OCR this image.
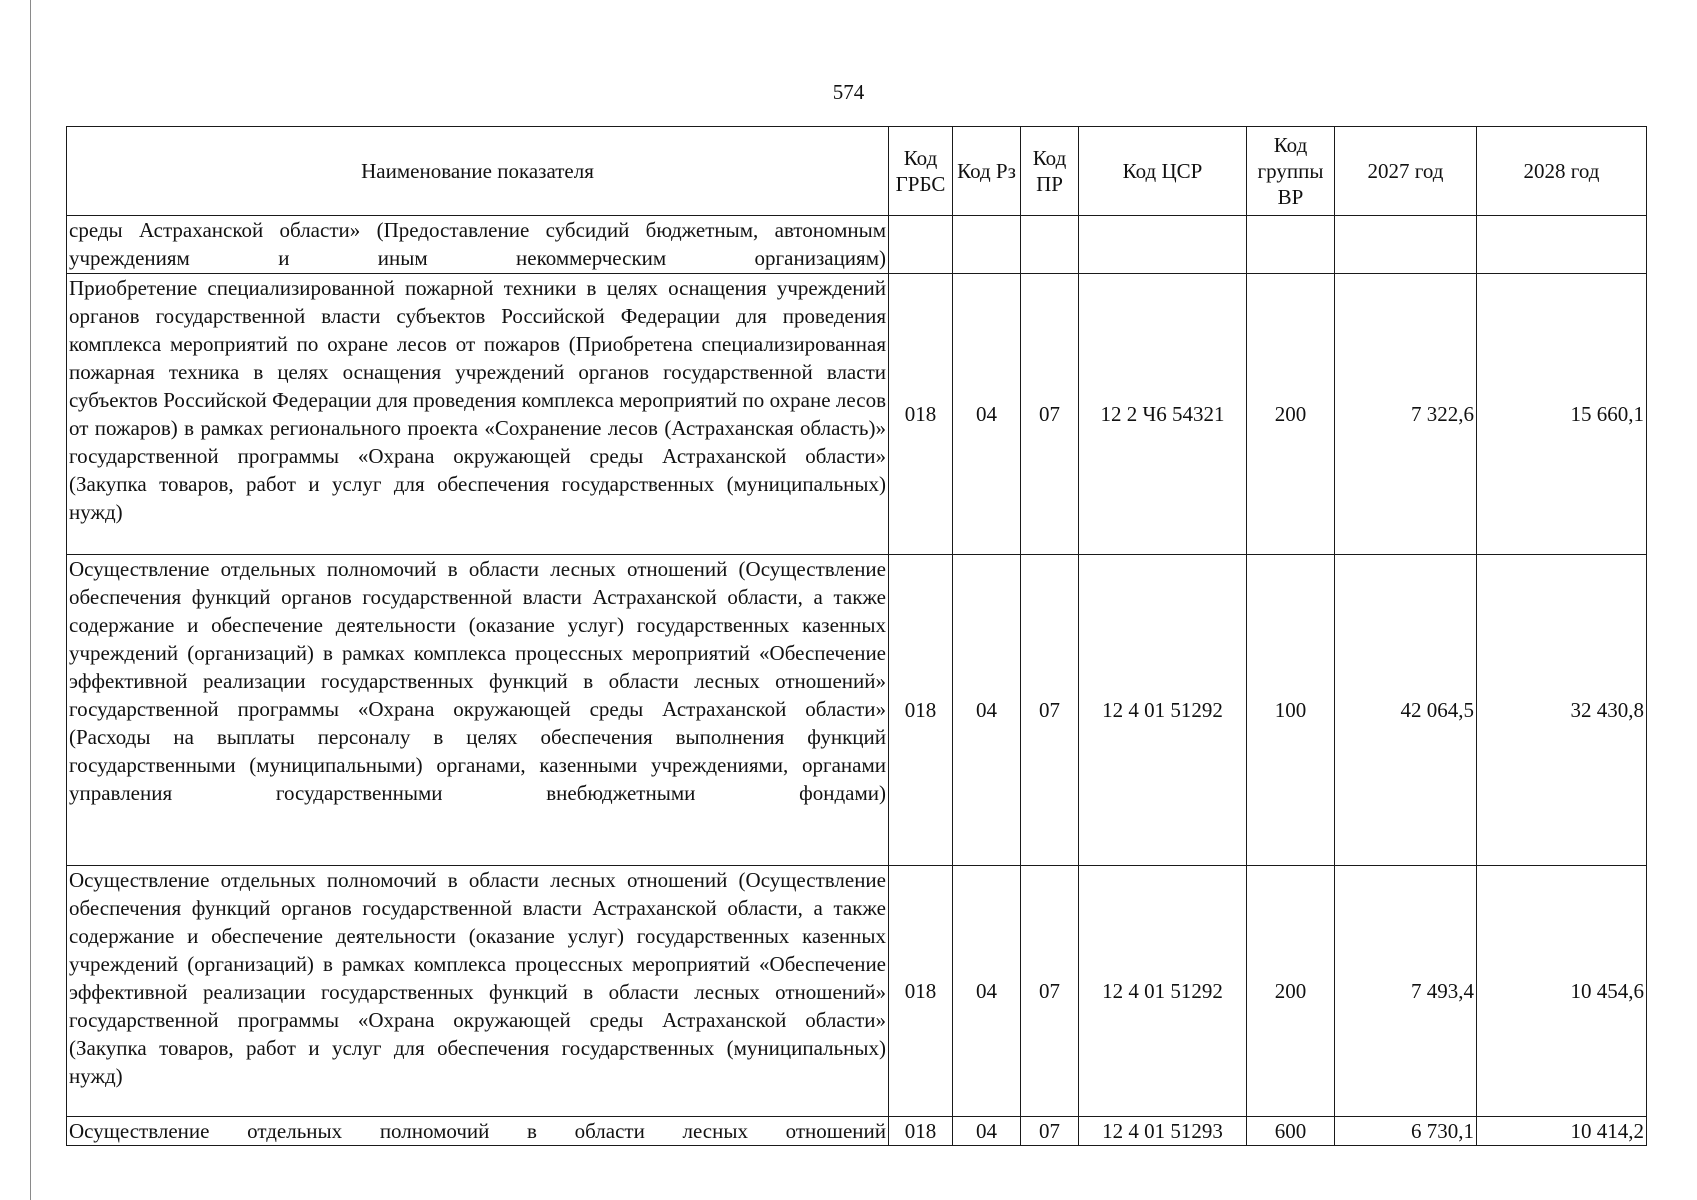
574
Наименование показателя	Код ГРБС	Код Рз	Код ПР	Код ЦСР	Код группы ВР	2027 год	2028 год
среды Астраханской области» (Предоставление субсидий бюджетным, автономным учреждениям и иным некоммерческим организациям)							
Приобретение специализированной пожарной техники в целях оснащения учреждений органов государственной власти субъектов Российской Федерации для проведения комплекса мероприятий по охране лесов от пожаров (Приобретена специализированная пожарная техника в целях оснащения учреждений органов государственной власти субъектов Российской Федерации для проведения комплекса мероприятий по охране лесов от пожаров) в рамках регионального проекта «Сохранение лесов (Астраханская область)» государственной программы «Охрана окружающей среды Астраханской области» (Закупка товаров, работ и услуг для обеспечения государственных (муниципальных) нужд)	018	04	07	12 2 Ч6 54321	200	7 322,6	15 660,1
Осуществление отдельных полномочий в области лесных отношений (Осуществление обеспечения функций органов государственной власти Астраханской области, а также содержание и обеспечение деятельности (оказание услуг) государственных казенных учреждений (организаций) в рамках комплекса процессных мероприятий «Обеспечение эффективной реализации государственных функций в области лесных отношений» государственной программы «Охрана окружающей среды Астраханской области» (Расходы на выплаты персоналу в целях обеспечения выполнения функций государственными (муниципальными) органами, казенными учреждениями, органами управления государственными внебюджетными фондами)	018	04	07	12 4 01 51292	100	42 064,5	32 430,8
Осуществление отдельных полномочий в области лесных отношений (Осуществление обеспечения функций органов государственной власти Астраханской области, а также содержание и обеспечение деятельности (оказание услуг) государственных казенных учреждений (организаций) в рамках комплекса процессных мероприятий «Обеспечение эффективной реализации государственных функций в области лесных отношений» государственной программы «Охрана окружающей среды Астраханской области» (Закупка товаров, работ и услуг для обеспечения государственных (муниципальных) нужд)	018	04	07	12 4 01 51292	200	7 493,4	10 454,6
Осуществление отдельных полномочий в области лесных отношений	018	04	07	12 4 01 51293	600	6 730,1	10 414,2
